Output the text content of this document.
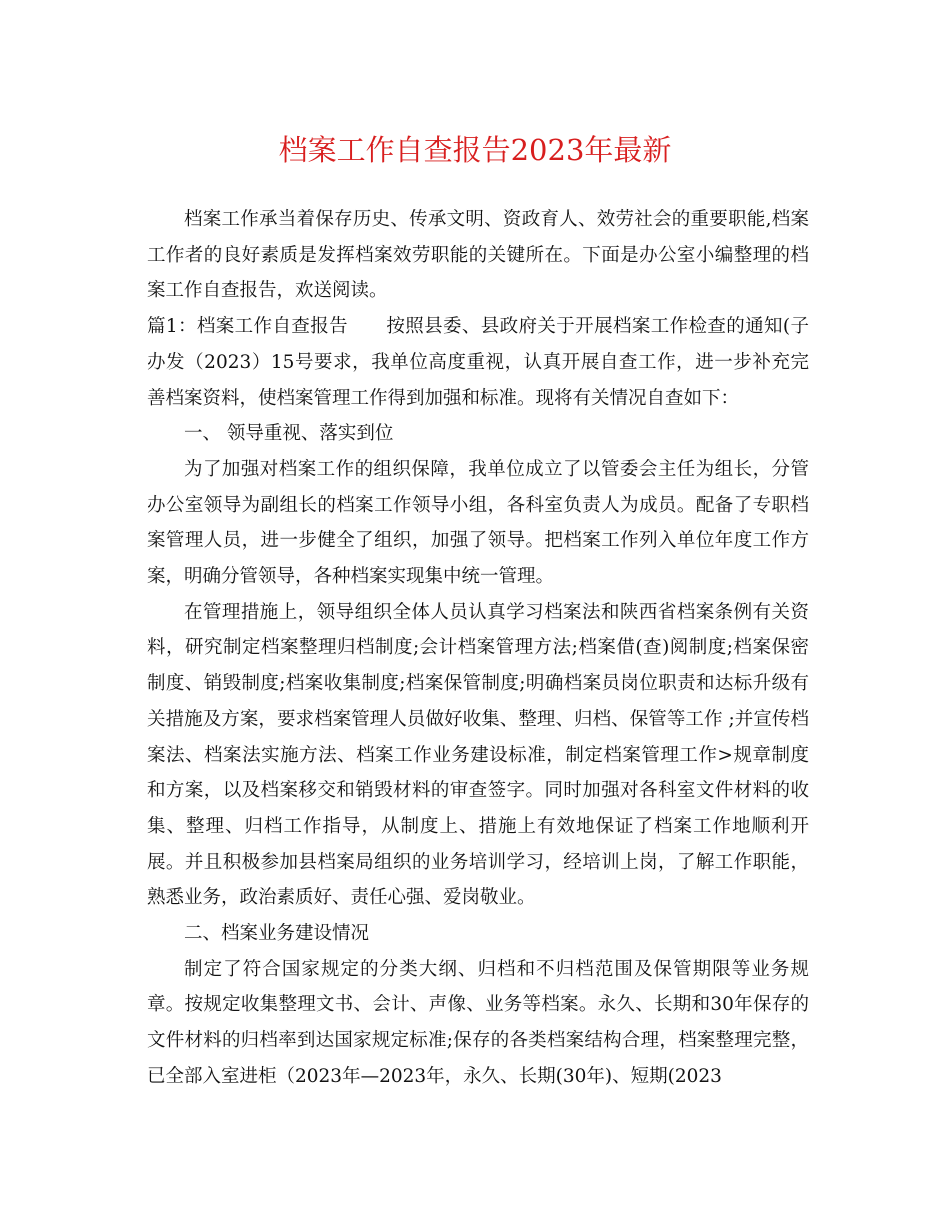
档案工作自查报告2023年最新

档案工作承当着保存历史、传承文明、资政育人、效劳社会的重要职能,档案工作者的良好素质是发挥档案效劳职能的关键所在。下面是办公室小编整理的档案工作自查报告，欢送阅读。

篇1：档案工作自查报告 按照县委、县政府关于开展档案工作检查的通知(子办发（2023）15号要求，我单位高度重视，认真开展自查工作，进一步补充完善档案资料，使档案管理工作得到加强和标准。现将有关情况自查如下：

一、 领导重视、落实到位

为了加强对档案工作的组织保障，我单位成立了以管委会主任为组长，分管办公室领导为副组长的档案工作领导小组，各科室负责人为成员。配备了专职档案管理人员，进一步健全了组织，加强了领导。把档案工作列入单位年度工作方案，明确分管领导，各种档案实现集中统一管理。

在管理措施上，领导组织全体人员认真学习档案法和陕西省档案条例有关资料，研究制定档案整理归档制度;会计档案管理方法;档案借(查)阅制度;档案保密制度、销毁制度;档案收集制度;档案保管制度;明确档案员岗位职责和达标升级有关措施及方案，要求档案管理人员做好收集、整理、归档、保管等工作 ;并宣传档案法、档案法实施方法、档案工作业务建设标准，制定档案管理工作>规章制度和方案，以及档案移交和销毁材料的审查签字。同时加强对各科室文件材料的收集、整理、归档工作指导，从制度上、措施上有效地保证了档案工作地顺利开展。并且积极参加县档案局组织的业务培训学习，经培训上岗，了解工作职能，熟悉业务，政治素质好、责任心强、爱岗敬业。

二、档案业务建设情况

制定了符合国家规定的分类大纲、归档和不归档范围及保管期限等业务规章。按规定收集整理文书、会计、声像、业务等档案。永久、长期和30年保存的文件材料的归档率到达国家规定标准;保存的各类档案结构合理，档案整理完整，已全部入室进柜（2023年—2023年，永久、长期(30年)、短期(2023
